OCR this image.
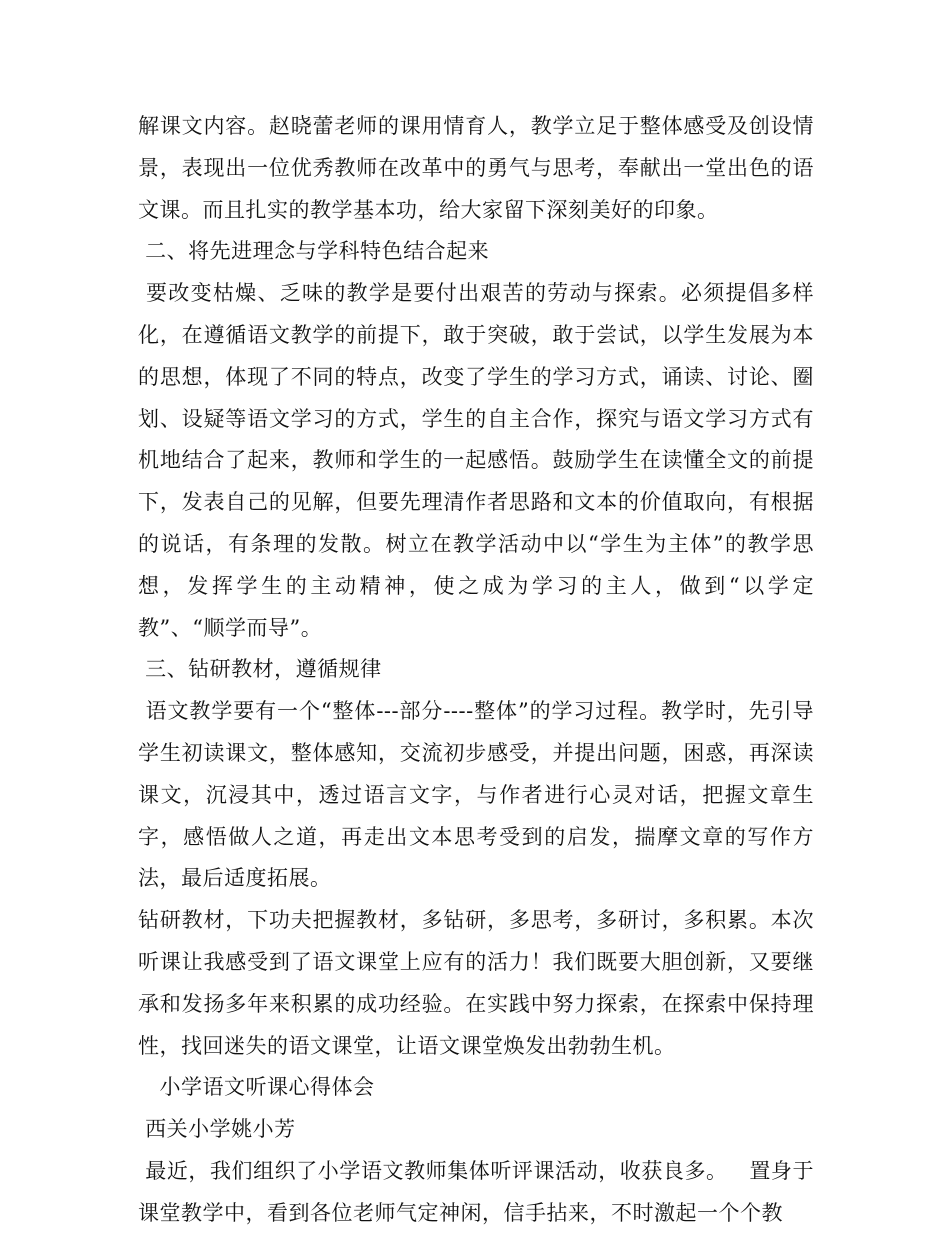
解课文内容。赵晓蕾老师的课用情育人，教学立足于整体感受及创设情景，表现出一位优秀教师在改革中的勇气与思考，奉献出一堂出色的语文课。而且扎实的教学基本功，给大家留下深刻美好的印象。

二、将先进理念与学科特色结合起来

要改变枯燥、乏味的教学是要付出艰苦的劳动与探索。必须提倡多样化，在遵循语文教学的前提下，敢于突破，敢于尝试，以学生发展为本的思想，体现了不同的特点，改变了学生的学习方式，诵读、讨论、圈划、设疑等语文学习的方式，学生的自主合作，探究与语文学习方式有机地结合了起来，教师和学生的一起感悟。鼓励学生在读懂全文的前提下，发表自己的见解，但要先理清作者思路和文本的价值取向，有根据的说话，有条理的发散。树立在教学活动中以“学生为主体”的教学思想，发挥学生的主动精神，使之成为学习的主人，做到“以学定教”、“顺学而导”。

三、钻研教材，遵循规律

语文教学要有一个“整体---部分----整体”的学习过程。教学时，先引导学生初读课文，整体感知，交流初步感受，并提出问题，困惑，再深读课文，沉浸其中，透过语言文字，与作者进行心灵对话，把握文章生字，感悟做人之道，再走出文本思考受到的启发，揣摩文章的写作方法，最后适度拓展。

钻研教材，下功夫把握教材，多钻研，多思考，多研讨，多积累。本次听课让我感受到了语文课堂上应有的活力！我们既要大胆创新，又要继承和发扬多年来积累的成功经验。在实践中努力探索，在探索中保持理性，找回迷失的语文课堂，让语文课堂焕发出勃勃生机。

小学语文听课心得体会

西关小学姚小芳

最近，我们组织了小学语文教师集体听评课活动，收获良多。   置身于课堂教学中，看到各位老师气定神闲，信手拈来，不时激起一个个教
